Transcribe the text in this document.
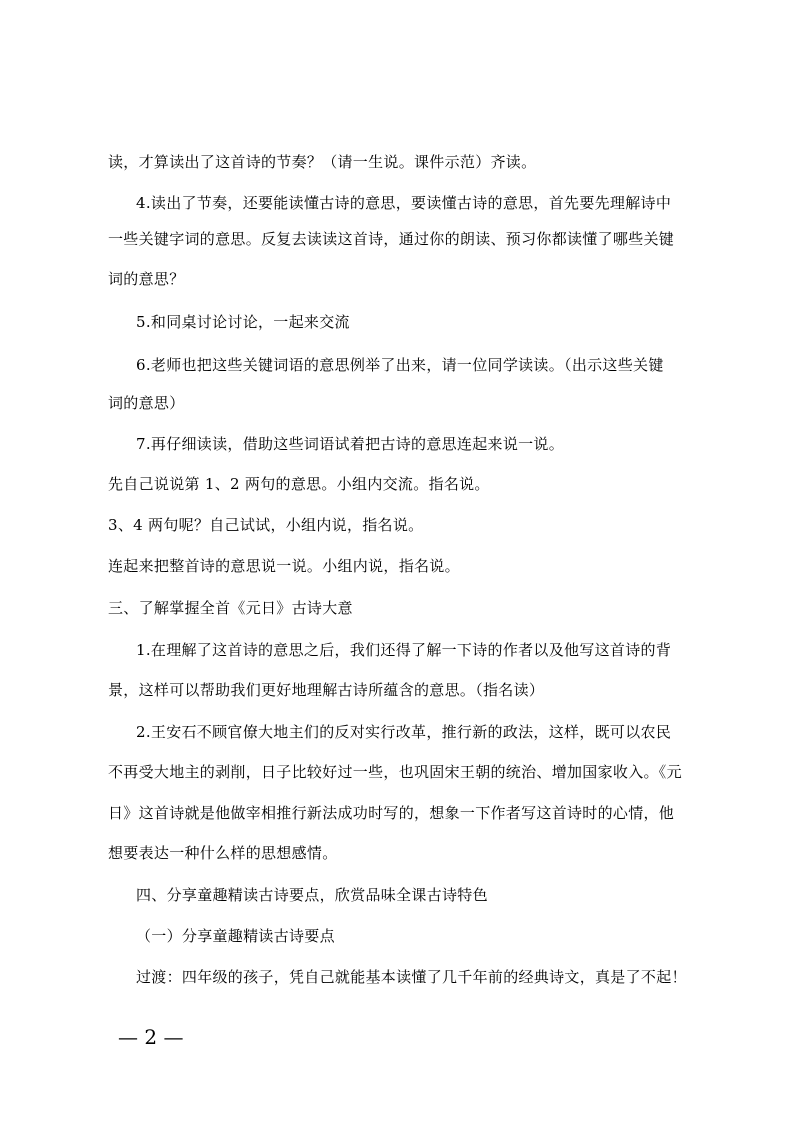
读，才算读出了这首诗的节奏？（请一生说。课件示范）齐读。
4.读出了节奏，还要能读懂古诗的意思，要读懂古诗的意思，首先要先理解诗中
一些关键字词的意思。反复去读读这首诗，通过你的朗读、预习你都读懂了哪些关键
词的意思？
5.和同桌讨论讨论，一起来交流
6.老师也把这些关键词语的意思例举了出来，请一位同学读读。（出示这些关键
词的意思）
7.再仔细读读，借助这些词语试着把古诗的意思连起来说一说。
先自己说说第 1、2 两句的意思。小组内交流。指名说。
3、4 两句呢？自己试试，小组内说，指名说。
连起来把整首诗的意思说一说。小组内说，指名说。
三、了解掌握全首《元日》古诗大意
1.在理解了这首诗的意思之后，我们还得了解一下诗的作者以及他写这首诗的背
景，这样可以帮助我们更好地理解古诗所蕴含的意思。（指名读）
2.王安石不顾官僚大地主们的反对实行改革，推行新的政法，这样，既可以农民
不再受大地主的剥削，日子比较好过一些，也巩固宋王朝的统治、增加国家收入。《元
日》这首诗就是他做宰相推行新法成功时写的，想象一下作者写这首诗时的心情，他
想要表达一种什么样的思想感情。
四、分享童趣精读古诗要点，欣赏品味全课古诗特色
（一）分享童趣精读古诗要点
过渡：四年级的孩子，凭自己就能基本读懂了几千年前的经典诗文，真是了不起！
— 2 —
